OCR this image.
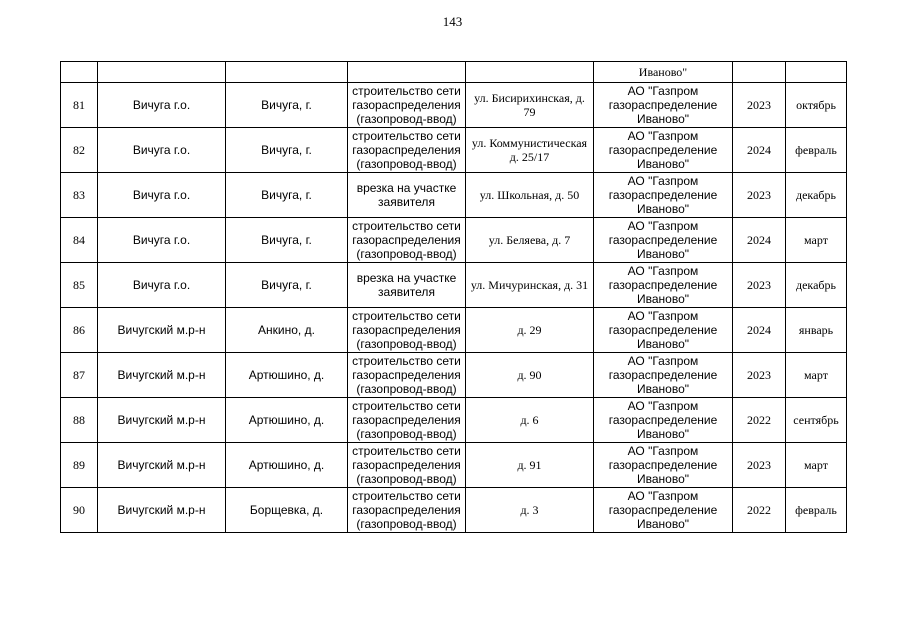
143
					Иваново"		
81	Вичуга г.о.	Вичуга, г.	строительство сети газораспределения (газопровод-ввод)	ул. Бисирихинская, д. 79	АО "Газпром газораспределение Иваново"	2023	октябрь
82	Вичуга г.о.	Вичуга, г.	строительство сети газораспределения (газопровод-ввод)	ул. Коммунистическая д. 25/17	АО "Газпром газораспределение Иваново"	2024	февраль
83	Вичуга г.о.	Вичуга, г.	врезка на участке заявителя	ул. Школьная, д. 50	АО "Газпром газораспределение Иваново"	2023	декабрь
84	Вичуга г.о.	Вичуга, г.	строительство сети газораспределения (газопровод-ввод)	ул. Беляева, д. 7	АО "Газпром газораспределение Иваново"	2024	март
85	Вичуга г.о.	Вичуга, г.	врезка на участке заявителя	ул. Мичуринская, д. 31	АО "Газпром газораспределение Иваново"	2023	декабрь
86	Вичугский м.р-н	Анкино, д.	строительство сети газораспределения (газопровод-ввод)	д. 29	АО "Газпром газораспределение Иваново"	2024	январь
87	Вичугский м.р-н	Артюшино, д.	строительство сети газораспределения (газопровод-ввод)	д. 90	АО "Газпром газораспределение Иваново"	2023	март
88	Вичугский м.р-н	Артюшино, д.	строительство сети газораспределения (газопровод-ввод)	д. 6	АО "Газпром газораспределение Иваново"	2022	сентябрь
89	Вичугский м.р-н	Артюшино, д.	строительство сети газораспределения (газопровод-ввод)	д. 91	АО "Газпром газораспределение Иваново"	2023	март
90	Вичугский м.р-н	Борщевка, д.	строительство сети газораспределения (газопровод-ввод)	д. 3	АО "Газпром газораспределение Иваново"	2022	февраль
